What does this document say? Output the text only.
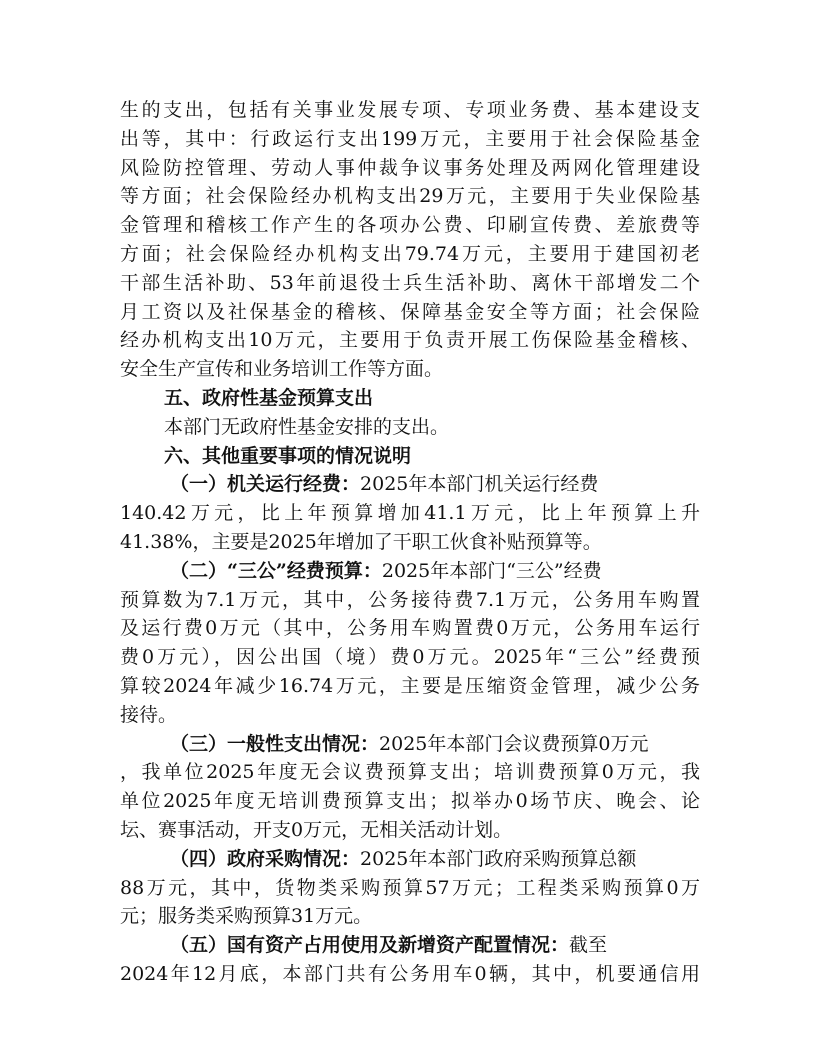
生的支出，包括有关事业发展专项、专项业务费、基本建设支
出等，其中：行政运行支出199万元，主要用于社会保险基金
风险防控管理、劳动人事仲裁争议事务处理及两网化管理建设
等方面；社会保险经办机构支出29万元，主要用于失业保险基
金管理和稽核工作产生的各项办公费、印刷宣传费、差旅费等
方面；社会保险经办机构支出79.74万元，主要用于建国初老
干部生活补助、53年前退役士兵生活补助、离休干部增发二个
月工资以及社保基金的稽核、保障基金安全等方面；社会保险
经办机构支出10万元，主要用于负责开展工伤保险基金稽核、
安全生产宣传和业务培训工作等方面。
五、政府性基金预算支出
本部门无政府性基金安排的支出。
六、其他重要事项的情况说明
（一）机关运行经费： 2025年本部门机关运行经费
140.42万元，比上年预算增加41.1万元，比上年预算上升
41.38%，主要是2025年增加了干职工伙食补贴预算等。
（二）“三公”经费预算： 2025年本部门“三公”经费
预算数为7.1万元，其中，公务接待费7.1万元，公务用车购置
及运行费0万元（其中，公务用车购置费0万元，公务用车运行
费0万元），因公出国（境）费0万元。2025年“三公”经费预
算较2024年减少16.74万元，主要是压缩资金管理，减少公务
接待。
（三）一般性支出情况： 2025年本部门会议费预算0万元
，我单位2025年度无会议费预算支出；培训费预算0万元，我
单位2025年度无培训费预算支出；拟举办0场节庆、晚会、论
坛、赛事活动，开支0万元，无相关活动计划。
（四）政府采购情况： 2025年本部门政府采购预算总额
88万元，其中，货物类采购预算57万元；工程类采购预算0万
元；服务类采购预算31万元。
（五）国有资产占用使用及新增资产配置情况： 截至
2024年12月底，本部门共有公务用车0辆，其中，机要通信用
